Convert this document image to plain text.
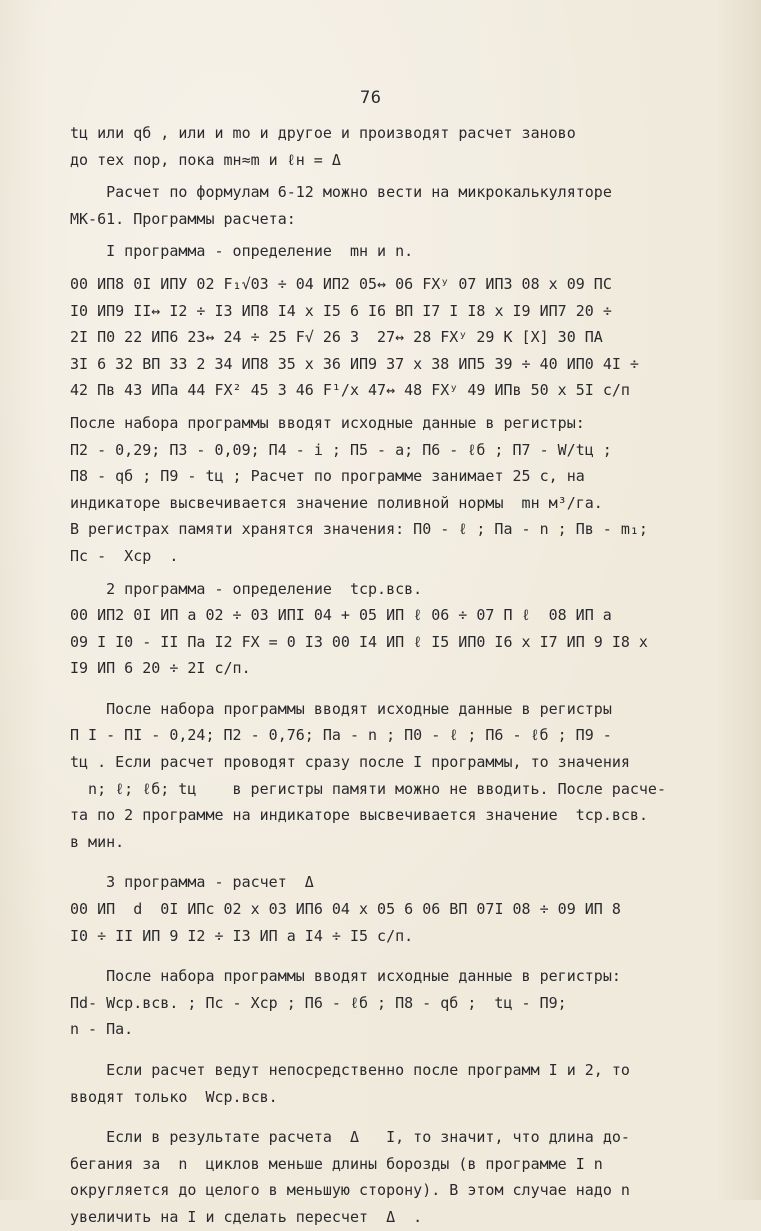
76
tц или qб , или и mo и другое и производят расчет заново
до тех пор, пока mн≈m и ℓн = Δ
Расчет по формулам 6-12 можно вести на микрокалькуляторе
МК-61. Программы расчета:
I программа - определение  mн и n.
00 ИП8 0I ИПУ 02 F₁√03 ÷ 04 ИП2 05↔ 06 FXʸ 07 ИП3 08 x 09 ПС
I0 ИП9 II↔ I2 ÷ I3 ИП8 I4 x I5 6 I6 ВП I7 I I8 x I9 ИП7 20 ÷
2I П0 22 ИП6 23↔ 24 ÷ 25 F√ 26 3  27↔ 28 FXʸ 29 K [X] 30 ПА
3I 6 32 ВП 33 2 34 ИП8 35 x 36 ИП9 37 x 38 ИП5 39 ÷ 40 ИП0 4I ÷
42 Пв 43 ИПа 44 FX² 45 3 46 F¹/x 47↔ 48 FXʸ 49 ИПв 50 x 5I с/п
После набора программы вводят исходные данные в регистры:
П2 - 0,29; П3 - 0,09; П4 - i ; П5 - а; П6 - ℓб ; П7 - W/tц ;
П8 - qб ; П9 - tц ; Расчет по программе занимает 25 с, на
индикаторе высвечивается значение поливной нормы  mн м³/га.
В регистрах памяти хранятся значения: П0 - ℓ ; Па - n ; Пв - m₁;
Пс -  Xср  .
2 программа - определение  tср.всв.
00 ИП2 0I ИП а 02 ÷ 03 ИПI 04 + 05 ИП ℓ 06 ÷ 07 П ℓ  08 ИП а
09 I I0 - II Па I2 FX = 0 I3 00 I4 ИП ℓ I5 ИП0 I6 x I7 ИП 9 I8 x
I9 ИП 6 20 ÷ 2I с/п.
После набора программы вводят исходные данные в регистры
П I - ПI - 0,24; П2 - 0,76; Па - n ; П0 - ℓ ; П6 - ℓб ; П9 -
tц . Если расчет проводят сразу после I программы, то значения
n; ℓ; ℓб; tц    в регистры памяти можно не вводить. После расче-
та по 2 программе на индикаторе высвечивается значение  tср.всв.
в мин.
3 программа - расчет  Δ
00 ИП  d  0I ИПс 02 x 03 ИП6 04 x 05 6 06 ВП 07I 08 ÷ 09 ИП 8
I0 ÷ II ИП 9 I2 ÷ I3 ИП а I4 ÷ I5 с/п.
После набора программы вводят исходные данные в регистры:
Пd- Wср.всв. ; Пс - Xср ; П6 - ℓб ; П8 - qб ;  tц - П9;
n - Па.
Если расчет ведут непосредственно после программ I и 2, то
вводят только  Wср.всв.
Если в результате расчета  Δ   I, то значит, что длина до-
бегания за  n  циклов меньше длины борозды (в программе I n
округляется до целого в меньшую сторону). В этом случае надо n
увеличить на I и сделать пересчет  Δ  .
